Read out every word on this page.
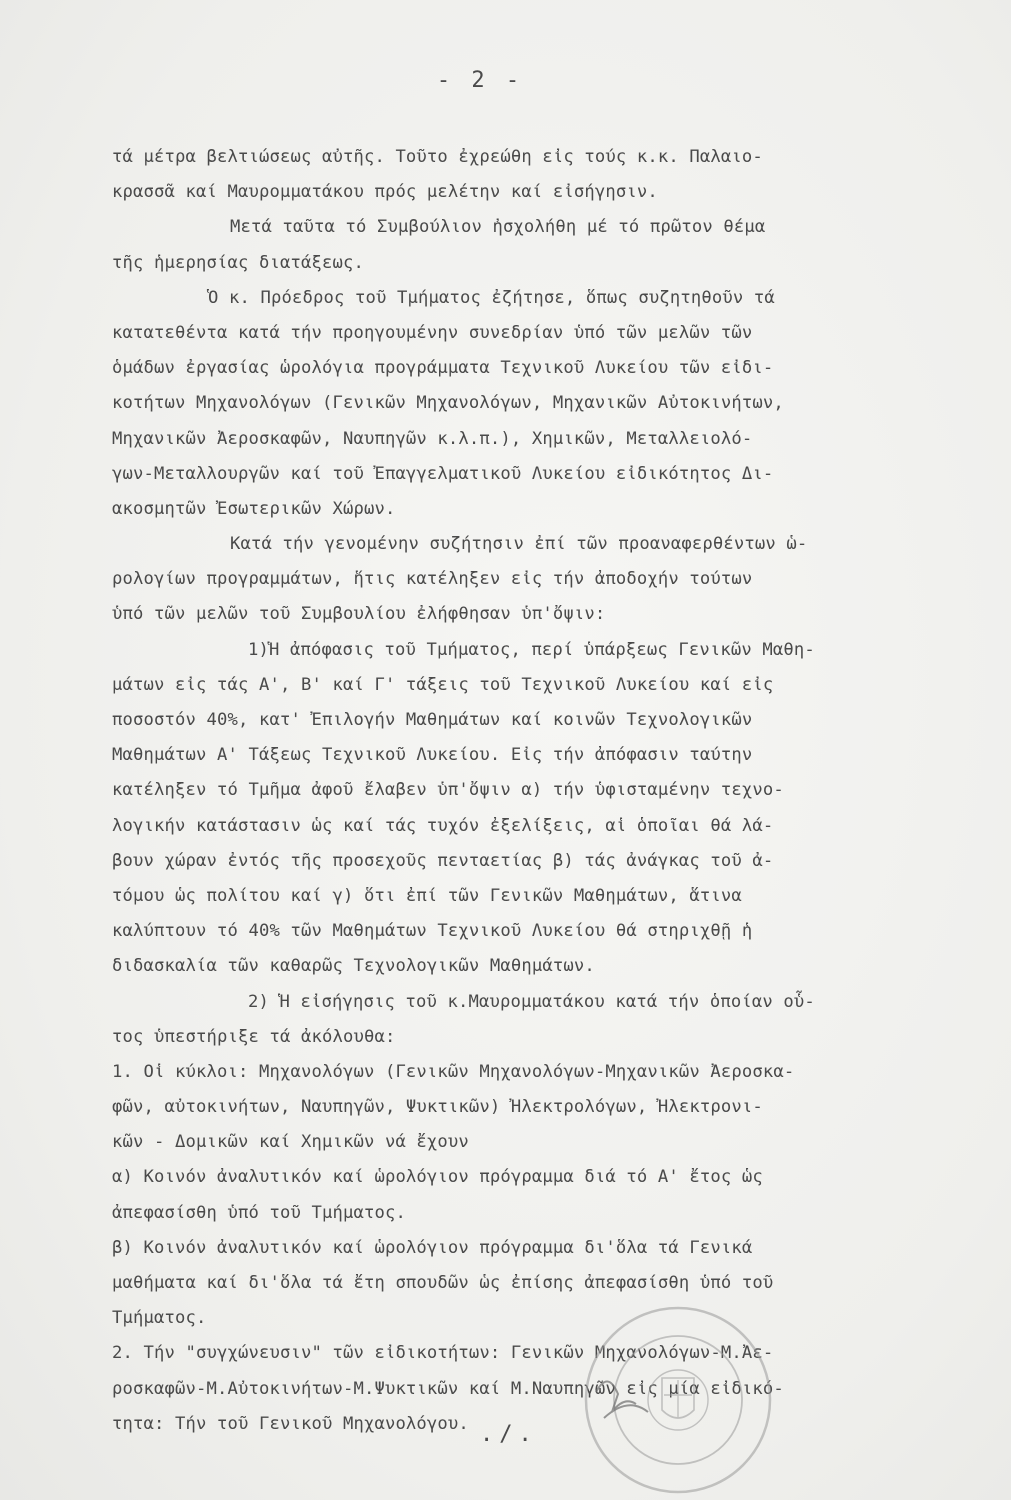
- 2 -
τά μέτρα βελτιώσεως αὐτῆς. Τοῦτο ἐχρεώθη εἰς τούς κ.κ. Παλαιο-
κρασσᾶ καί Μαυρομματάκου πρός μελέτην καί εἰσήγησιν.
Μετά ταῦτα τό Συμβούλιον ἠσχολήθη μέ τό πρῶτον θέμα
τῆς ἡμερησίας διατάξεως.
Ὁ κ. Πρόεδρος τοῦ Τμήματος ἐζήτησε, ὅπως συζητηθοῦν τά
κατατεθέντα κατά τήν προηγουμένην συνεδρίαν ὑπό τῶν μελῶν τῶν
ὁμάδων ἐργασίας ὡρολόγια προγράμματα Τεχνικοῦ Λυκείου τῶν εἰδι-
κοτήτων Μηχανολόγων (Γενικῶν Μηχανολόγων, Μηχανικῶν Αὐτοκινήτων,
Μηχανικῶν Ἀεροσκαφῶν, Ναυπηγῶν κ.λ.π.), Χημικῶν, Μεταλλειολό-
γων-Μεταλλουργῶν καί τοῦ Ἐπαγγελματικοῦ Λυκείου εἰδικότητος Δι-
ακοσμητῶν Ἐσωτερικῶν Χώρων.
Κατά τήν γενομένην συζήτησιν ἐπί τῶν προαναφερθέντων ὡ-
ρολογίων προγραμμάτων, ἥτις κατέληξεν εἰς τήν ἀποδοχήν τούτων
ὑπό τῶν μελῶν τοῦ Συμβουλίου ἐλήφθησαν ὑπ'ὄψιν:
1)Ἡ ἀπόφασις τοῦ Τμήματος, περί ὑπάρξεως Γενικῶν Μαθη-
μάτων εἰς τάς Α', Β' καί Γ' τάξεις τοῦ Τεχνικοῦ Λυκείου καί εἰς
ποσοστόν 40%, κατ' Ἐπιλογήν Μαθημάτων καί κοινῶν Τεχνολογικῶν
Μαθημάτων Α' Τάξεως Τεχνικοῦ Λυκείου. Εἰς τήν ἀπόφασιν ταύτην
κατέληξεν τό Τμῆμα ἀφοῦ ἔλαβεν ὑπ'ὄψιν α) τήν ὑφισταμένην τεχνο-
λογικήν κατάστασιν ὡς καί τάς τυχόν ἐξελίξεις, αἱ ὁποῖαι θά λά-
βουν χώραν ἐντός τῆς προσεχοῦς πενταετίας β) τάς ἀνάγκας τοῦ ἀ-
τόμου ὡς πολίτου καί γ) ὅτι ἐπί τῶν Γενικῶν Μαθημάτων, ἅτινα
καλύπτουν τό 40% τῶν Μαθημάτων Τεχνικοῦ Λυκείου θά στηριχθῇ ἡ
διδασκαλία τῶν καθαρῶς Τεχνολογικῶν Μαθημάτων.
2) Ἡ εἰσήγησις τοῦ κ.Μαυρομματάκου κατά τήν ὁποίαν οὗ-
τος ὑπεστήριξε τά ἀκόλουθα:
1. Οἱ κύκλοι: Μηχανολόγων (Γενικῶν Μηχανολόγων-Μηχανικῶν Ἀεροσκα-
φῶν, αὐτοκινήτων, Ναυπηγῶν, Ψυκτικῶν) Ἠλεκτρολόγων, Ἠλεκτρονι-
κῶν - Δομικῶν καί Χημικῶν νά ἔχουν
α) Κοινόν ἀναλυτικόν καί ὡρολόγιον πρόγραμμα διά τό Α' ἔτος ὡς
ἀπεφασίσθη ὑπό τοῦ Τμήματος.
β) Κοινόν ἀναλυτικόν καί ὡρολόγιον πρόγραμμα δι'ὅλα τά Γενικά
μαθήματα καί δι'ὅλα τά ἔτη σπουδῶν ὡς ἐπίσης ἀπεφασίσθη ὑπό τοῦ
Τμήματος.
2. Τήν "συγχώνευσιν" τῶν εἰδικοτήτων: Γενικῶν Μηχανολόγων-Μ.Ἀε-
ροσκαφῶν-Μ.Αὐτοκινήτων-Μ.Ψυκτικῶν καί Μ.Ναυπηγῶν εἰς μία εἰδικό-
τητα: Τήν τοῦ Γενικοῦ Μηχανολόγου. ./.
